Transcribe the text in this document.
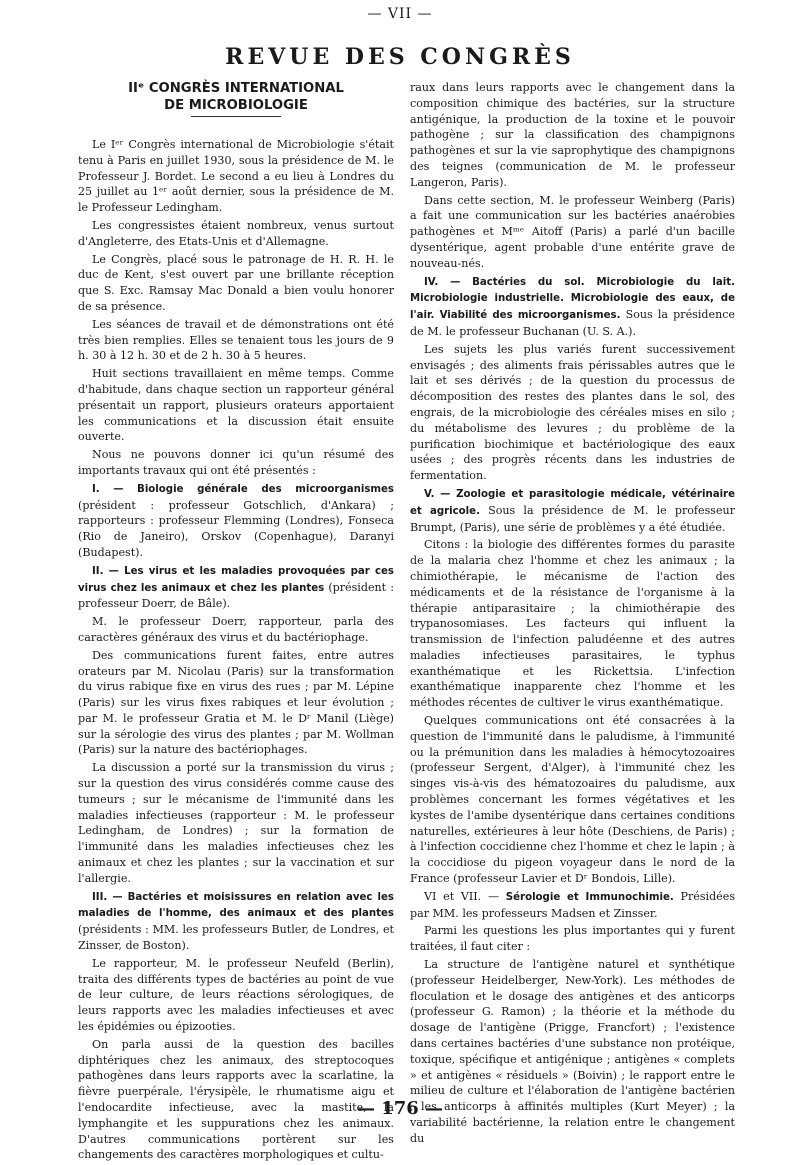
— VII —
REVUE DES CONGRÈS
IIᵉ CONGRÈS INTERNATIONAL
DE MICROBIOLOGIE

Le Iᵉʳ Congrès international de Microbiologie s'était tenu à Paris en juillet 1930, sous la présidence de M. le Professeur J. Bordet. Le second a eu lieu à Londres du 25 juillet au 1ᵉʳ août dernier, sous la présidence de M. le Professeur Ledingham.

Les congressistes étaient nombreux, venus surtout d'Angleterre, des Etats-Unis et d'Allemagne.

Le Congrès, placé sous le patronage de H. R. H. le duc de Kent, s'est ouvert par une brillante réception que S. Exc. Ramsay Mac Donald a bien voulu honorer de sa présence.

Les séances de travail et de démonstrations ont été très bien remplies. Elles se tenaient tous les jours de 9 h. 30 à 12 h. 30 et de 2 h. 30 à 5 heures.

Huit sections travaillaient en même temps. Comme d'habitude, dans chaque section un rapporteur général présentait un rapport, plusieurs orateurs apportaient les communications et la discussion était ensuite ouverte.

Nous ne pouvons donner ici qu'un résumé des importants travaux qui ont été présentés :

I. — Biologie générale des microorganismes (président : professeur Gotschlich, d'Ankara) ; rapporteurs : professeur Flemming (Londres), Fonseca (Rio de Janeiro), Orskov (Copenhague), Daranyi (Budapest).

II. — Les virus et les maladies provoquées par ces virus chez les animaux et chez les plantes (président : professeur Doerr, de Bâle).

M. le professeur Doerr, rapporteur, parla des caractères généraux des virus et du bactériophage.

Des communications furent faites, entre autres orateurs par M. Nicolau (Paris) sur la transformation du virus rabique fixe en virus des rues ; par M. Lépine (Paris) sur les virus fixes rabiques et leur évolution ; par M. le professeur Gratia et M. le Dʳ Manil (Liège) sur la sérologie des virus des plantes ; par M. Wollman (Paris) sur la nature des bactériophages.

La discussion a porté sur la transmission du virus ; sur la question des virus considérés comme cause des tumeurs ; sur le mécanisme de l'immunité dans les maladies infectieuses (rapporteur : M. le professeur Ledingham, de Londres) ; sur la formation de l'immunité dans les maladies infectieuses chez les animaux et chez les plantes ; sur la vaccination et sur l'allergie.

III. — Bactéries et moisissures en relation avec les maladies de l'homme, des animaux et des plantes (présidents : MM. les professeurs Butler, de Londres, et Zinsser, de Boston).

Le rapporteur, M. le professeur Neufeld (Berlin), traita des différents types de bactéries au point de vue de leur culture, de leurs réactions sérologiques, de leurs rapports avec les maladies infectieuses et avec les épidémies ou épizooties.

On parla aussi de la question des bacilles diphtériques chez les animaux, des streptocoques pathogènes dans leurs rapports avec la scarlatine, la fièvre puerpérale, l'érysipèle, le rhumatisme aigu et l'endocardite infectieuse, avec la mastite, la lymphangite et les suppurations chez les animaux. D'autres communications portèrent sur les changements des caractères morphologiques et cultu-

raux dans leurs rapports avec le changement dans la composition chimique des bactéries, sur la structure antigénique, la production de la toxine et le pouvoir pathogène ; sur la classification des champignons pathogènes et sur la vie saprophytique des champignons des teignes (communication de M. le professeur Langeron, Paris).

Dans cette section, M. le professeur Weinberg (Paris) a fait une communication sur les bactéries anaérobies pathogènes et Mᵐᵉ Aitoff (Paris) a parlé d'un bacille dysentérique, agent probable d'une entérite grave de nouveau-nés.

IV. — Bactéries du sol. Microbiologie du lait. Microbiologie industrielle. Microbiologie des eaux, de l'air. Viabilité des microorganismes. Sous la présidence de M. le professeur Buchanan (U. S. A.).

Les sujets les plus variés furent successivement envisagés ; des aliments frais périssables autres que le lait et ses dérivés ; de la question du processus de décomposition des restes des plantes dans le sol, des engrais, de la microbiologie des céréales mises en silo ; du métabolisme des levures ; du problème de la purification biochimique et bactériologique des eaux usées ; des progrès récents dans les industries de fermentation.

V. — Zoologie et parasitologie médicale, vétérinaire et agricole. Sous la présidence de M. le professeur Brumpt, (Paris), une série de problèmes y a été étudiée.

Citons : la biologie des différentes formes du parasite de la malaria chez l'homme et chez les animaux ; la chimiothérapie, le mécanisme de l'action des médicaments et de la résistance de l'organisme à la thérapie antiparasitaire ; la chimiothérapie des trypanosomiases. Les facteurs qui influent la transmission de l'infection paludéenne et des autres maladies infectieuses parasitaires, le typhus exanthématique et les Rickettsia. L'infection exanthématique inapparente chez l'homme et les méthodes récentes de cultiver le virus exanthématique.

Quelques communications ont été consacrées à la question de l'immunité dans le paludisme, à l'immunité ou la prémunition dans les maladies à hémocytozoaires (professeur Sergent, d'Alger), à l'immunité chez les singes vis-à-vis des hématozoaires du paludisme, aux problèmes concernant les formes végétatives et les kystes de l'amibe dysentérique dans certaines conditions naturelles, extérieures à leur hôte (Deschiens, de Paris) ; à l'infection coccidienne chez l'homme et chez le lapin ; à la coccidiose du pigeon voyageur dans le nord de la France (professeur Lavier et Dʳ Bondois, Lille).

VI et VII. — Sérologie et Immunochimie. Présidées par MM. les professeurs Madsen et Zinsser.

Parmi les questions les plus importantes qui y furent traitées, il faut citer :

La structure de l'antigène naturel et synthétique (professeur Heidelberger, New-York). Les méthodes de floculation et le dosage des antigènes et des anticorps (professeur G. Ramon) ; la théorie et la méthode du dosage de l'antigène (Prigge, Francfort) ; l'existence dans certaines bactéries d'une substance non protéique, toxique, spécifique et antigénique ; antigènes « complets » et antigènes « résiduels » (Boivin) ; le rapport entre le milieu de culture et l'élaboration de l'antigène bactérien ; les anticorps à affinités multiples (Kurt Meyer) ; la variabilité bactérienne, la relation entre le changement du

— 176 —
